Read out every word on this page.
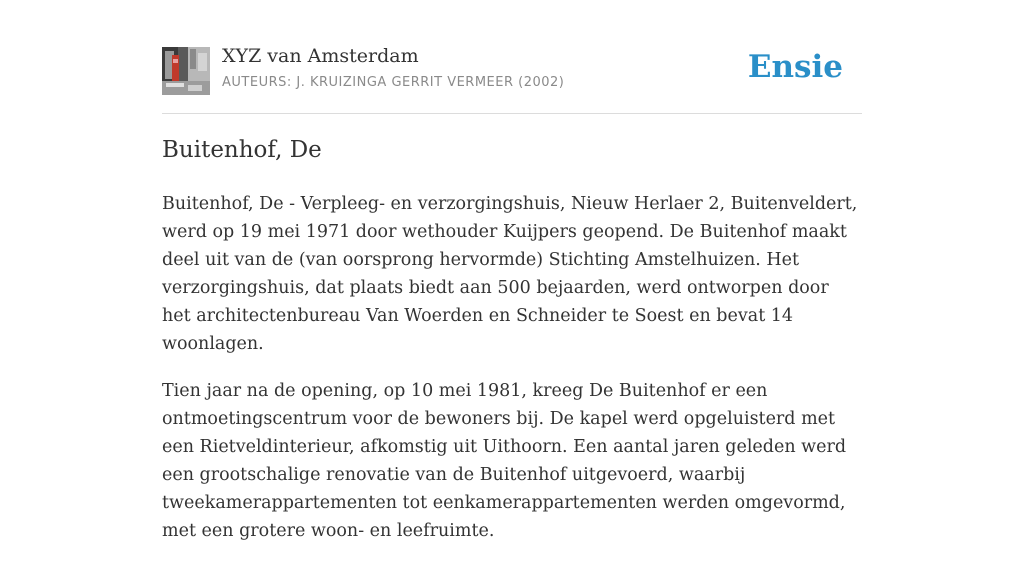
XYZ van Amsterdam
AUTEURS: J. KRUIZINGA GERRIT VERMEER (2002)	Ensie
Buitenhof, De

Buitenhof, De - Verpleeg- en verzorgingshuis, Nieuw Herlaer 2, Buitenveldert, werd op 19 mei 1971 door wethouder Kuijpers geopend. De Buitenhof maakt deel uit van de (van oorsprong hervormde) Stichting Amstelhuizen. Het verzorgingshuis, dat plaats biedt aan 500 bejaarden, werd ontworpen door het architectenbureau Van Woerden en Schneider te Soest en bevat 14 woonlagen.

Tien jaar na de opening, op 10 mei 1981, kreeg De Buitenhof er een ontmoetingscentrum voor de bewoners bij. De kapel werd opgeluisterd met een Rietveldinterieur, afkomstig uit Uithoorn. Een aantal jaren geleden werd een grootschalige renovatie van de Buitenhof uitgevoerd, waarbij tweekamerappartementen tot eenkamerappartementen werden omgevormd, met een grotere woon- en leefruimte.
